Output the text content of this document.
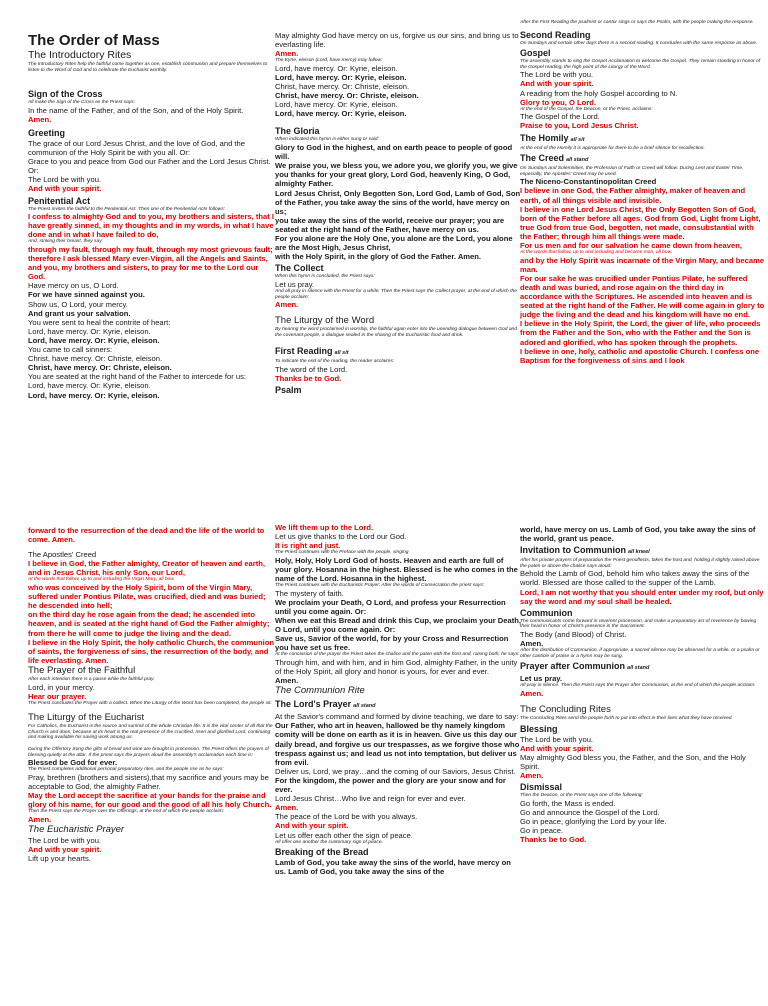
The Order of Mass
The Introductory Rites
The Introductory Rites help the faithful come together as one, establish communion and prepare themselves to listen to the Word of God and to celebrate the Eucharist worthily.
Sign of the Cross
All make the Sign of the Cross as the Priest says:
In the name of the Father, and of the Son, and of the Holy Spirit.
Amen.
Greeting
The grace of our Lord Jesus Christ, and the love of God, and the communion of the Holy Spirit be with you all. Or:
Grace to you and peace from God our Father and the Lord Jesus Christ. Or:
The Lord be with you.
And with your spirit.
Penitential Act
The Priest invites the faithful to the Penitential Act. Then one of the Penitential Acts follows:
I confess to almighty God and to you, my brothers and sisters, that I have greatly sinned, in my thoughts and in my words, in what I have done and in what I have failed to do,
And, striking their breast, they say:
through my fault, through my fault, through my most grievous fault; therefore I ask blessed Mary ever-Virgin, all the Angels and Saints, and you, my brothers and sisters, to pray for me to the Lord our God.
Have mercy on us, O Lord.
For we have sinned against you.
Show us, O Lord, your mercy.
And grant us your salvation.
You were sent to heal the contrite of heart:
Lord, have mercy. Or: Kyrie, eleison.
Lord, have mercy. Or: Kyrie, eleison.
You came to call sinners:
Christ, have mercy. Or: Christe, eleison.
Christ, have mercy. Or: Christe, eleison.
You are seated at the right hand of the Father to intercede for us:
Lord, have mercy. Or: Kyrie, eleison.
Lord, have mercy. Or: Kyrie, eleison.
May almighty God have mercy on us, forgive us our sins, and bring us to everlasting life.
Amen.
The Kyrie, eleison (Lord, have mercy) may follow:
Lord, have mercy. Or: Kyrie, eleison.
Lord, have mercy. Or: Kyrie, eleison.
Christ, have mercy. Or: Christe, eleison.
Christ, have mercy. Or: Christe, eleison.
Lord, have mercy. Or: Kyrie, eleison.
Lord, have mercy. Or: Kyrie, eleison.
The Gloria
When indicated this hymn is either sung or said:
Glory to God in the highest, and on earth peace to people of good will.
We praise you, we bless you, we adore you, we glorify you, we give you thanks for your great glory, Lord God, heavenly King, O God, almighty Father.
Lord Jesus Christ, Only Begotten Son, Lord God, Lamb of God, Son of the Father, you take away the sins of the world, have mercy on us;
you take away the sins of the world, receive our prayer; you are seated at the right hand of the Father, have mercy on us.
For you alone are the Holy One, you alone are the Lord, you alone are the Most High, Jesus Christ,
with the Holy Spirit, in the glory of God the Father. Amen.
The Collect
When this hymn is concluded, the Priest says:
Let us pray.
And all pray in silence with the Priest for a while. Then the Priest says the Collect prayer, at the end of which the people acclaim:
Amen.
The Liturgy of the Word
By hearing the word proclaimed in worship, the faithful again enter into the unending dialogue between God and the covenant people, a dialogue sealed in the sharing of the Eucharistic food and drink.
First Reading all sit
To indicate the end of the reading, the reader acclaims:
The word of the Lord.
Thanks be to God.
Psalm
After the First Reading the psalmist or cantor sings or says the Psalm, with the people making the response.
Second Reading
On Sundays and certain other days there is a second reading. It concludes with the same response as above.
Gospel
The assembly stands to sing the Gospel Acclamation to welcome the Gospel. They remain standing in honor of the Gospel reading, the high point of the Liturgy of the Word.
The Lord be with you.
And with your spirit.
A reading from the holy Gospel according to N.
Glory to you, O Lord.
At the end of the Gospel, the Deacon, or the Priest, acclaims:
The Gospel of the Lord.
Praise to you, Lord Jesus Christ.
The Homily all sit
At the end of the Homily it is appropriate for there to be a brief silence for recollection.
The Creed all stand
On Sundays and Solemnities, the Profession of Faith or Creed will follow. During Lent and Easter Time, especially, the Apostles' Creed may be used.
The Niceno-Constantinopolitan Creed
I believe in one God, the Father almighty, maker of heaven and earth, of all things visible and invisible.
I believe in one Lord Jesus Christ, the Only Begotten Son of God, born of the Father before all ages. God from God, Light from Light, true God from true God, begotten, not made, consubstantial with the Father; through him all things were made.
For us men and for our salvation he came down from heaven,
At the words that follow, up to and including and became man, all bow.
and by the Holy Spirit was incarnate of the Virgin Mary, and became man.
For our sake he was crucified under Pontius Pilate, he suffered death and was buried, and rose again on the third day in accordance with the Scriptures. He ascended into heaven and is seated at the right hand of the Father. He will come again in glory to judge the living and the dead and his kingdom will have no end.
I believe in the Holy Spirit, the Lord, the giver of life, who proceeds from the Father and the Son, who with the Father and the Son is adored and glorified, who has spoken through the prophets.
I believe in one, holy, catholic and apostolic Church. I confess one Baptism for the forgiveness of sins and I look
forward to the resurrection of the dead and the life of the world to come. Amen.
The Apostles' Creed
I believe in God, the Father almighty, Creator of heaven and earth, and in Jesus Christ, his only Son, our Lord,
At the words that follow, up to and including the Virgin Mary, all bow.
who was conceived by the Holy Spirit, born of the Virgin Mary, suffered under Pontius Pilate, was crucified, died and was buried; he descended into hell;
on the third day he rose again from the dead; he ascended into heaven, and is seated at the right hand of God the Father almighty; from there he will come to judge the living and the dead.
I believe in the Holy Spirit, the holy catholic Church, the communion of saints, the forgiveness of sins, the resurrection of the body, and life everlasting. Amen.
The Prayer of the Faithful
After each intention there is a pause while the faithful pray.
Lord, in your mercy.
Hear our prayer.
The Priest concludes the Prayer with a collect. When the Liturgy of the Word has been completed, the people sit.
The Liturgy of the Eucharist
For Catholics, the Eucharist is the source and summit of the whole Christian life. It is the vital center of all that the Church is and does, because at its heart is the real presence of the crucified, risen and glorified Lord, continuing and making available his saving work among us.
During the Offertory Song the gifts of bread and wine are brought in procession. The Priest offers the prayers of blessing quietly at the altar. If the priest says the prayers aloud the assembly's acclamation each time is:
Blessed be God for ever.
The Priest completes additional personal preparatory rites, and the people rise as he says:
Pray, brethren (brothers and sisters),that my sacrifice and yours may be acceptable to God, the almighty Father.
May the Lord accept the sacrifice at your hands for the praise and glory of his name, for our good and the good of all his holy Church.
Then the Priest says the Prayer over the Offerings, at the end of which the people acclaim:
Amen.
The Eucharistic Prayer
The Lord be with you.
And with your spirit.
Lift up your hearts.
We lift them up to the Lord.
Let us give thanks to the Lord our God.
It is right and just.
The Priest continues with the Preface with the people, singing
Holy, Holy, Holy Lord God of hosts. Heaven and earth are full of your glory. Hosanna in the highest. Blessed is he who comes in the name of the Lord. Hosanna in the highest.
The Priest continues with the Eucharistic Prayer: After the words of Consecration the priest says:
The mystery of faith.
We proclaim your Death, O Lord, and profess your Resurrection until you come again. Or:
When we eat this Bread and drink this Cup, we proclaim your Death, O Lord, until you come again. Or:
Save us, Savior of the world, for by your Cross and Resurrection you have set us free.
At the conclusion of the prayer the Priest takes the chalice and the paten with the host and, raising both, he says:
Through him, and with him, and in him God, almighty Father, in the unity of the Holy Spirit, all glory and honor is yours, for ever and ever.
Amen.
The Communion Rite
The Lord's Prayer all stand
At the Savior's command and formed by divine teaching, we dare to say:
Our Father, who art in heaven, hallowed be thy namely kingdom comity will be done on earth as it is in heaven. Give us this day our daily bread, and forgive us our trespasses, as we forgive those who trespass against us; and lead us not into temptation, but deliver us from evil.
Deliver us, Lord, we pray…and the coming of our Saviors, Jesus Christ.
For the kingdom, the power and the glory are your snow and for ever.
Lord Jesus Christ…Who live and reign for ever and ever.
Amen.
The peace of the Lord be with you always.
And with your spirit.
Let us offer each other the sign of peace.
All offer one another the customary sign of peace.
Breaking of the Bread
Lamb of God, you take away the sins of the world, have mercy on us. Lamb of God, you take away the sins of the
world, have mercy on us. Lamb of God, you take away the sins of the world, grant us peace.
Invitation to Communion all kneel
After his private prayers of preparation the Priest genuflects, takes the host and, holding it slightly raised above the paten or above the chalice says aloud:
Behold the Lamb of God, behold him who takes away the sins of the world. Blessed are those called to the supper of the Lamb.
Lord, I am not worthy that you should enter under my roof, but only say the word and my soul shall be healed.
Communion
The communicants come forward in reverent procession, and make a preparatory act of reverence by bowing their head in honor of Christ's presence in the Sacrament.
The Body (and Blood) of Christ.
Amen.
After the distribution of Communion, if appropriate, a sacred silence may be observed for a while, or a psalm or other canticle of praise or a hymn may be sung.
Prayer after Communion all stand
Let us pray.
All pray in silence. Then the Priest says the Prayer after Communion, at the end of which the people acclaim:
Amen.
The Concluding Rites
The Concluding Rites send the people forth to put into effect in their lives what they have received.
Blessing
The Lord be with you.
And with your spirit.
May almighty God bless you, the Father, and the Son, and the Holy Spirit.
Amen.
Dismissal
Then the Deacon, or the Priest says one of the following:
Go forth, the Mass is ended.
Go and announce the Gospel of the Lord.
Go in peace, glorifying the Lord by your life.
Go in peace.
Thanks be to God.
